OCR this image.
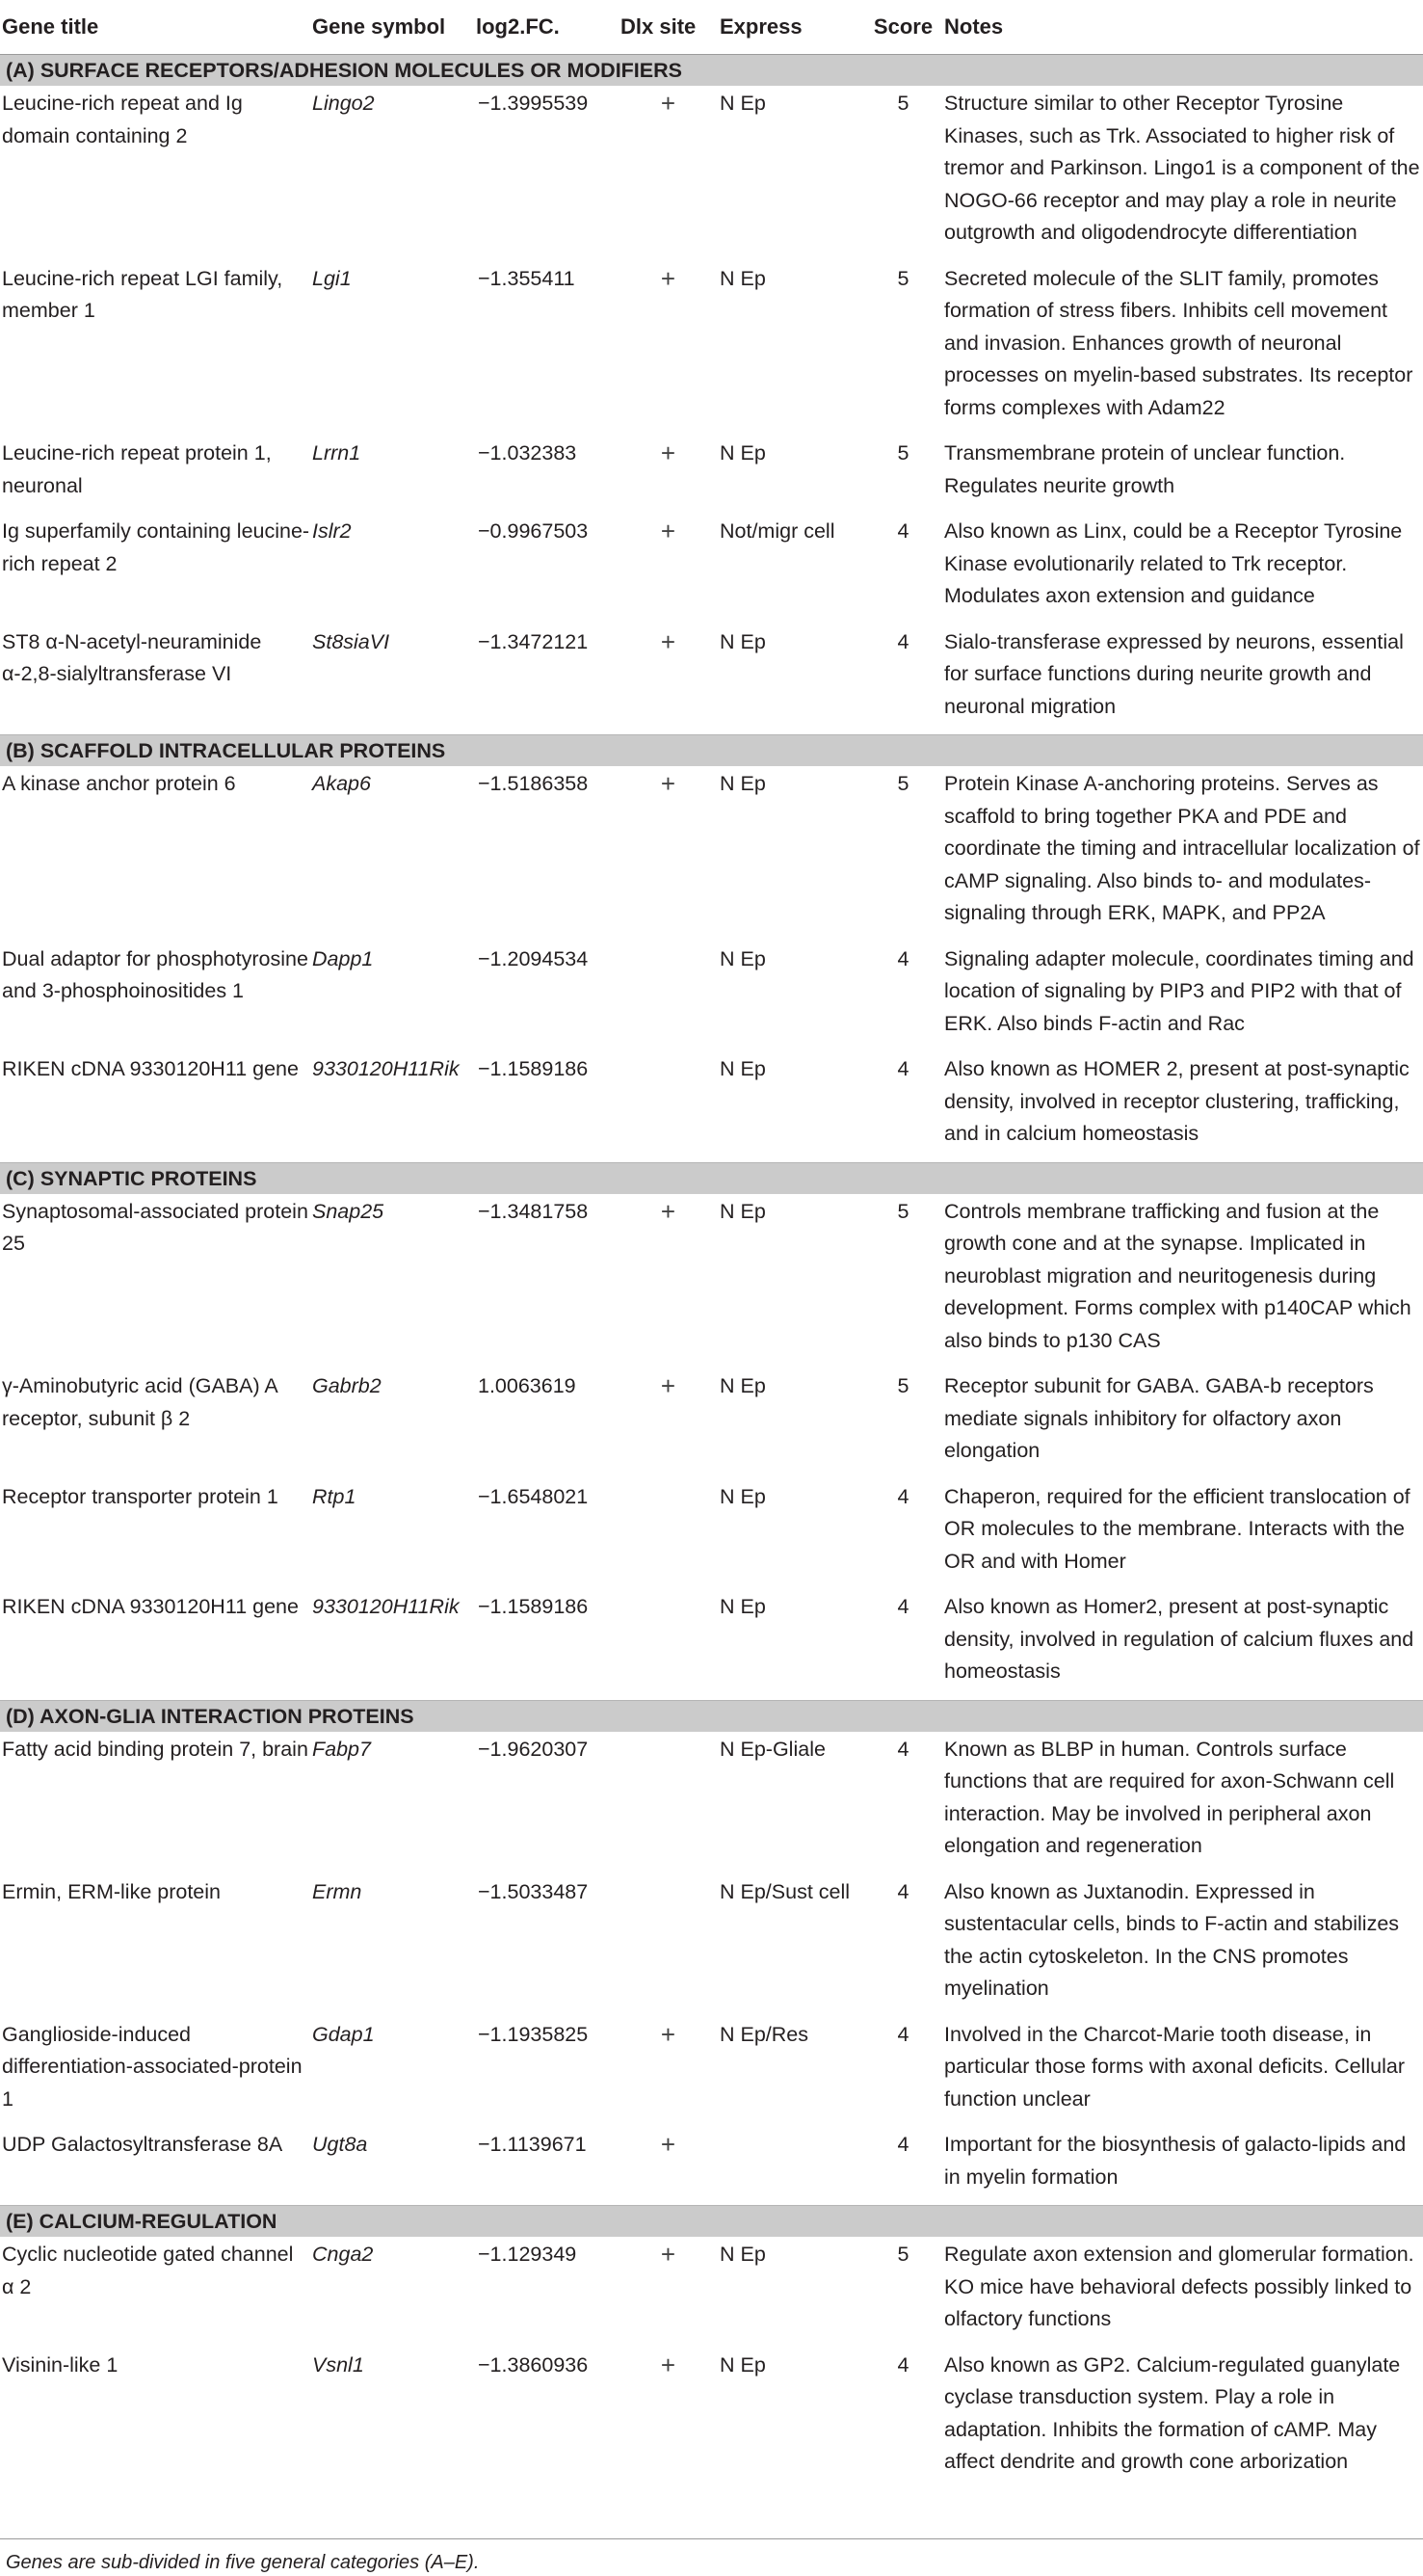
Gene title	Gene symbol	log2.FC.	Dlx site	Express	Score	Notes
(A) SURFACE RECEPTORS/ADHESION MOLECULES OR MODIFIERS						
Leucine-rich repeat and Ig domain containing 2	Lingo2	−1.3995539	+	N Ep	5	Structure similar to other Receptor Tyrosine Kinases, such as Trk. Associated to higher risk of tremor and Parkinson. Lingo1 is a component of the NOGO-66 receptor and may play a role in neurite outgrowth and oligodendrocyte differentiation
Leucine-rich repeat LGI family, member 1	Lgi1	−1.355411	+	N Ep	5	Secreted molecule of the SLIT family, promotes formation of stress fibers. Inhibits cell movement and invasion. Enhances growth of neuronal processes on myelin-based substrates. Its receptor forms complexes with Adam22
Leucine-rich repeat protein 1, neuronal	Lrrn1	−1.032383	+	N Ep	5	Transmembrane protein of unclear function. Regulates neurite growth
Ig superfamily containing leucine-rich repeat 2	Islr2	−0.9967503	+	Not/migr cell	4	Also known as Linx, could be a Receptor Tyrosine Kinase evolutionarily related to Trk receptor. Modulates axon extension and guidance
ST8 α-N-acetyl-neuraminide α-2,8-sialyltransferase VI	St8siaVI	−1.3472121	+	N Ep	4	Sialo-transferase expressed by neurons, essential for surface functions during neurite growth and neuronal migration
(B) SCAFFOLD INTRACELLULAR PROTEINS						
A kinase anchor protein 6	Akap6	−1.5186358	+	N Ep	5	Protein Kinase A-anchoring proteins. Serves as scaffold to bring together PKA and PDE and coordinate the timing and intracellular localization of cAMP signaling. Also binds to- and modulates-signaling through ERK, MAPK, and PP2A
Dual adaptor for phosphotyrosine and 3-phosphoinositides 1	Dapp1	−1.2094534		N Ep	4	Signaling adapter molecule, coordinates timing and location of signaling by PIP3 and PIP2 with that of ERK. Also binds F-actin and Rac
RIKEN cDNA 9330120H11 gene	9330120H11Rik	−1.1589186		N Ep	4	Also known as HOMER 2, present at post-synaptic density, involved in receptor clustering, trafficking, and in calcium homeostasis
(C) SYNAPTIC PROTEINS						
Synaptosomal-associated protein 25	Snap25	−1.3481758	+	N Ep	5	Controls membrane trafficking and fusion at the growth cone and at the synapse. Implicated in neuroblast migration and neuritogenesis during development. Forms complex with p140CAP which also binds to p130 CAS
γ-Aminobutyric acid (GABA) A receptor, subunit β 2	Gabrb2	1.0063619	+	N Ep	5	Receptor subunit for GABA. GABA-b receptors mediate signals inhibitory for olfactory axon elongation
Receptor transporter protein 1	Rtp1	−1.6548021		N Ep	4	Chaperon, required for the efficient translocation of OR molecules to the membrane. Interacts with the OR and with Homer
RIKEN cDNA 9330120H11 gene	9330120H11Rik	−1.1589186		N Ep	4	Also known as Homer2, present at post-synaptic density, involved in regulation of calcium fluxes and homeostasis
(D) AXON-GLIA INTERACTION PROTEINS						
Fatty acid binding protein 7, brain	Fabp7	−1.9620307		N Ep-Gliale	4	Known as BLBP in human. Controls surface functions that are required for axon-Schwann cell interaction. May be involved in peripheral axon elongation and regeneration
Ermin, ERM-like protein	Ermn	−1.5033487		N Ep/Sust cell	4	Also known as Juxtanodin. Expressed in sustentacular cells, binds to F-actin and stabilizes the actin cytoskeleton. In the CNS promotes myelination
Ganglioside-induced differentiation-associated-protein 1	Gdap1	−1.1935825	+	N Ep/Res	4	Involved in the Charcot-Marie tooth disease, in particular those forms with axonal deficits. Cellular function unclear
UDP Galactosyltransferase 8A	Ugt8a	−1.1139671	+		4	Important for the biosynthesis of galacto-lipids and in myelin formation
(E) CALCIUM-REGULATION						
Cyclic nucleotide gated channel α 2	Cnga2	−1.129349	+	N Ep	5	Regulate axon extension and glomerular formation. KO mice have behavioral defects possibly linked to olfactory functions
Visinin-like 1	Vsnl1	−1.3860936	+	N Ep	4	Also known as GP2. Calcium-regulated guanylate cyclase transduction system. Play a role in adaptation. Inhibits the formation of cAMP. May affect dendrite and growth cone arborization
Genes are sub-divided in five general categories (A–E).
